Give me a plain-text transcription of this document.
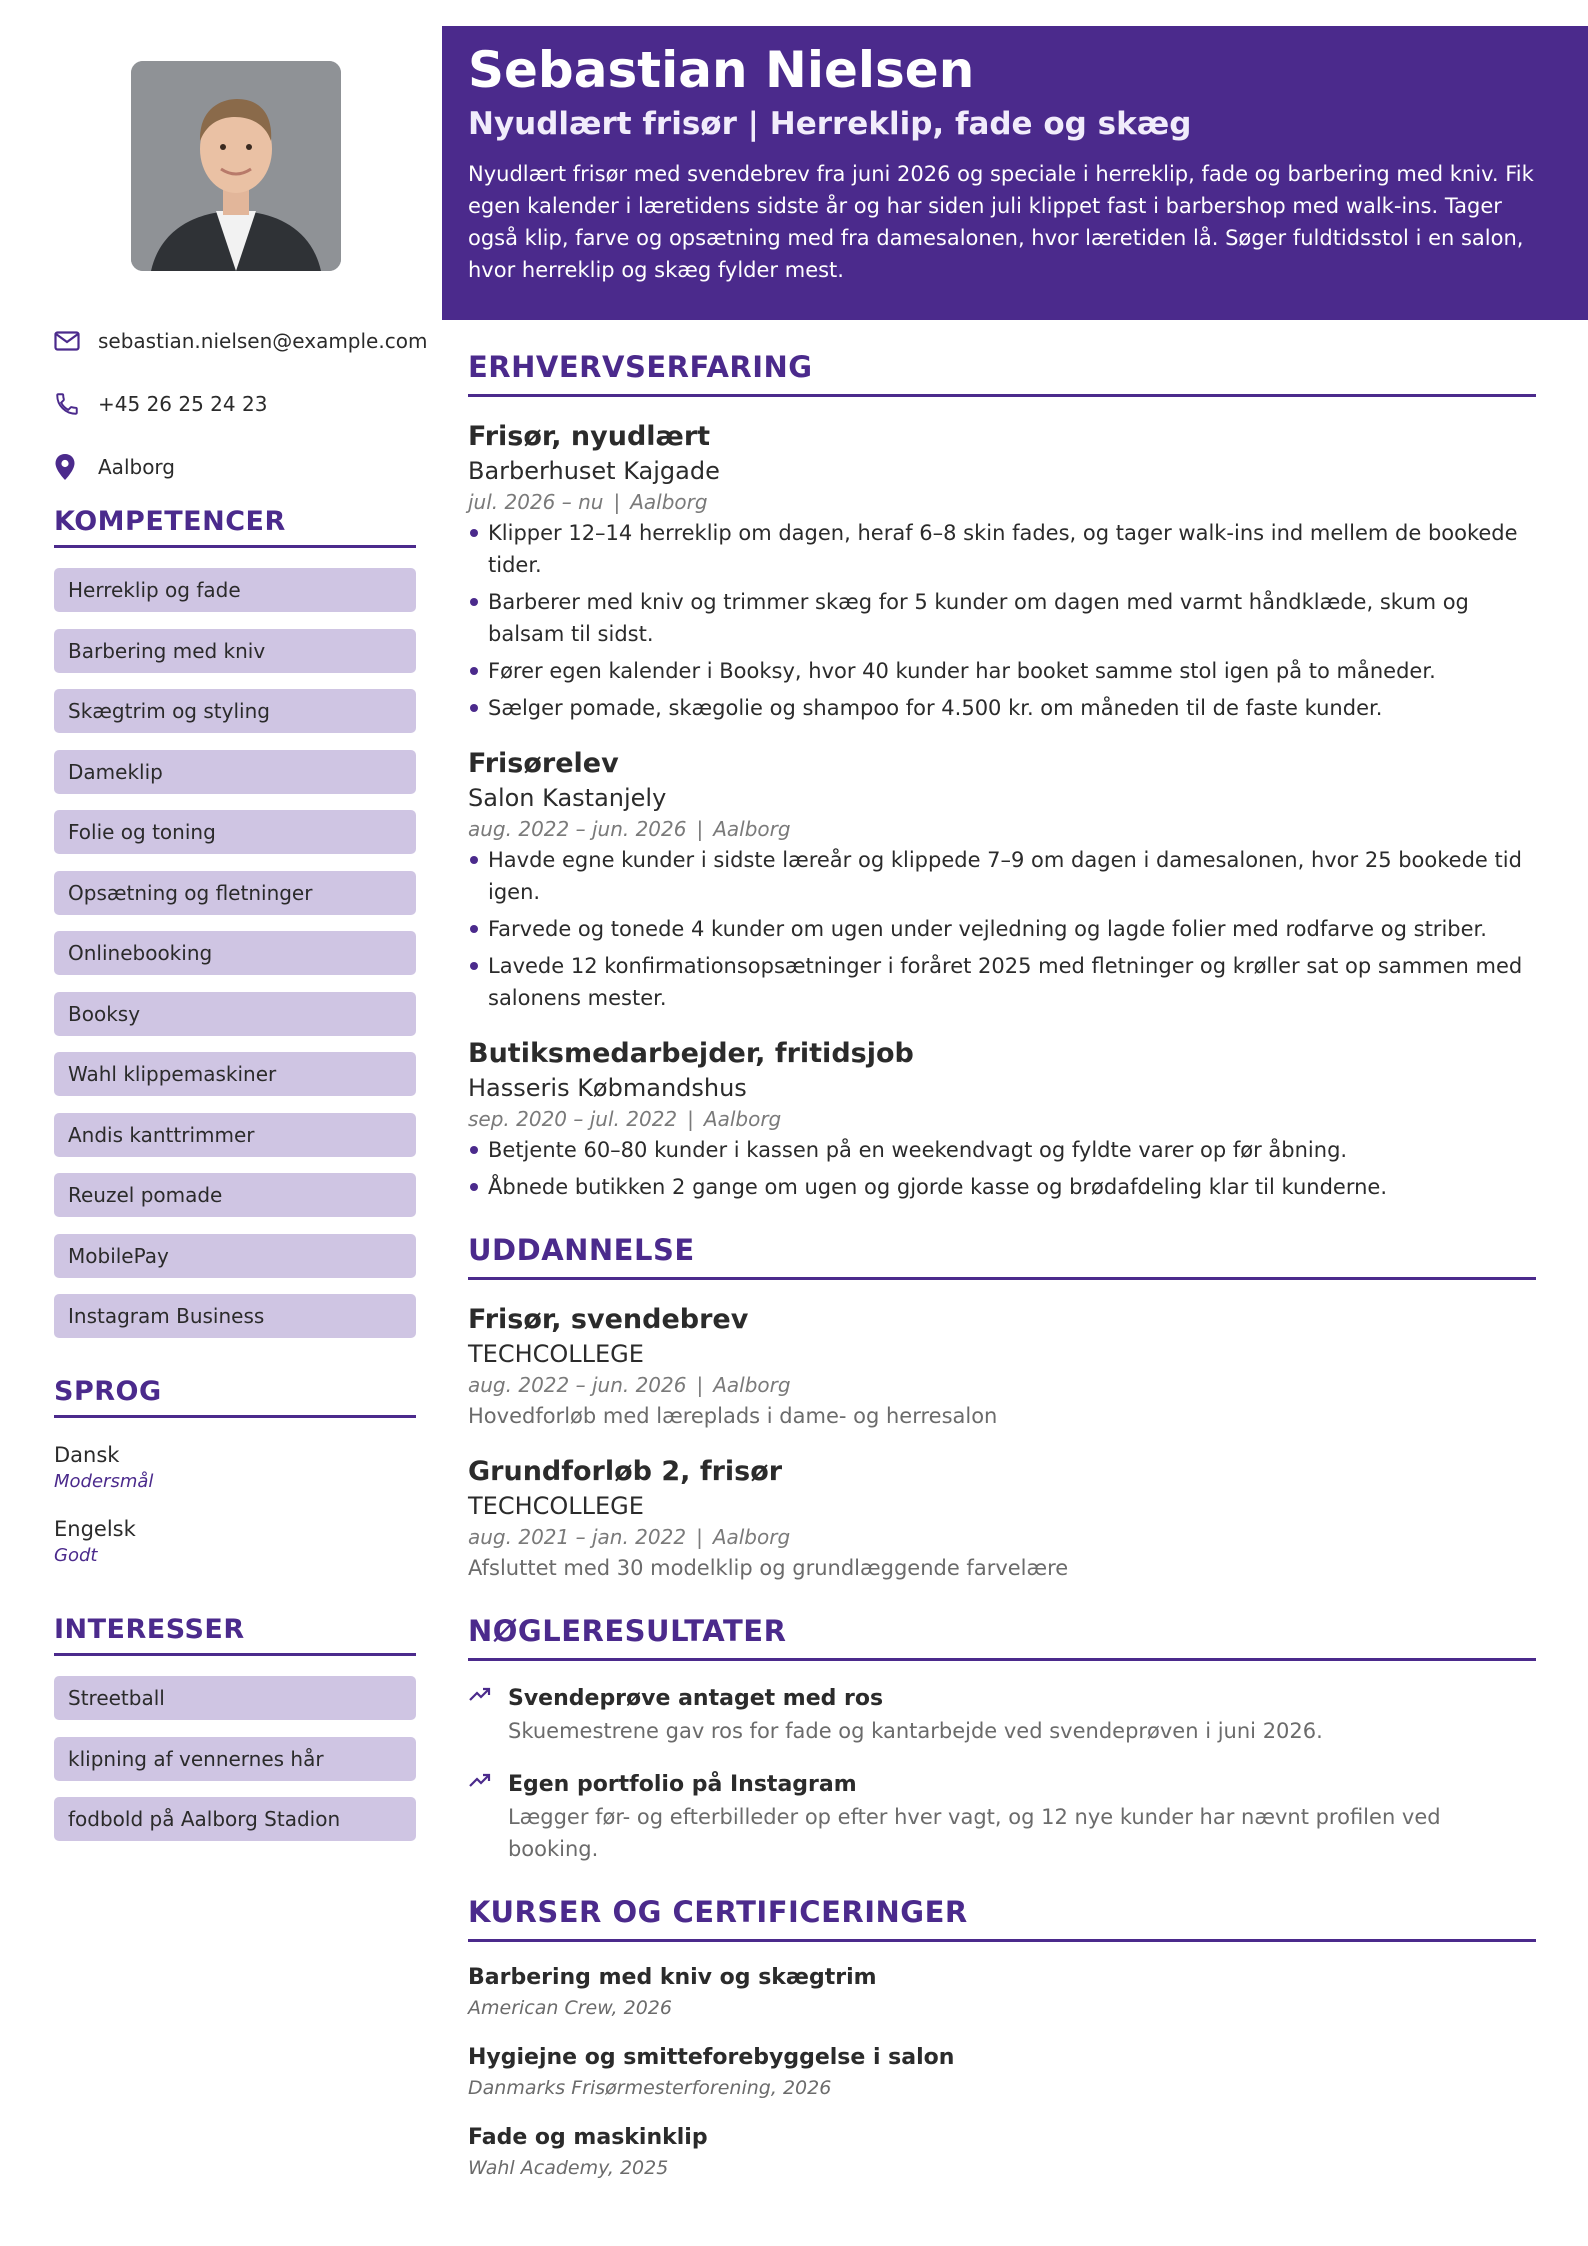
sebastian.nielsen@example.com
+45 26 25 24 23
Aalborg
KOMPETENCER
Herreklip og fade
Barbering med kniv
Skægtrim og styling
Dameklip
Folie og toning
Opsætning og fletninger
Onlinebooking
Booksy
Wahl klippemaskiner
Andis kanttrimmer
Reuzel pomade
MobilePay
Instagram Business
SPROG
Dansk
Modersmål
Engelsk
Godt
INTERESSER
Streetball
klipning af vennernes hår
fodbold på Aalborg Stadion
Sebastian Nielsen
Nyudlært frisør | Herreklip, fade og skæg
Nyudlært frisør med svendebrev fra juni 2026 og speciale i herreklip, fade og barbering med kniv. Fik egen kalender i læretidens sidste år og har siden juli klippet fast i barbershop med walk-ins. Tager også klip, farve og opsætning med fra damesalonen, hvor læretiden lå. Søger fuldtidsstol i en salon, hvor herreklip og skæg fylder mest.
ERHVERVSERFARING
Frisør, nyudlært
Barberhuset Kajgade
jul. 2026 – nu | Aalborg
Klipper 12–14 herreklip om dagen, heraf 6–8 skin fades, og tager walk-ins ind mellem de bookede tider.
Barberer med kniv og trimmer skæg for 5 kunder om dagen med varmt håndklæde, skum og balsam til sidst.
Fører egen kalender i Booksy, hvor 40 kunder har booket samme stol igen på to måneder.
Sælger pomade, skægolie og shampoo for 4.500 kr. om måneden til de faste kunder.
Frisørelev
Salon Kastanjely
aug. 2022 – jun. 2026 | Aalborg
Havde egne kunder i sidste læreår og klippede 7–9 om dagen i damesalonen, hvor 25 bookede tid igen.
Farvede og tonede 4 kunder om ugen under vejledning og lagde folier med rodfarve og striber.
Lavede 12 konfirmationsopsætninger i foråret 2025 med fletninger og krøller sat op sammen med salonens mester.
Butiksmedarbejder, fritidsjob
Hasseris Købmandshus
sep. 2020 – jul. 2022 | Aalborg
Betjente 60–80 kunder i kassen på en weekendvagt og fyldte varer op før åbning.
Åbnede butikken 2 gange om ugen og gjorde kasse og brødafdeling klar til kunderne.
UDDANNELSE
Frisør, svendebrev
TECHCOLLEGE
aug. 2022 – jun. 2026 | Aalborg
Hovedforløb med læreplads i dame- og herresalon
Grundforløb 2, frisør
TECHCOLLEGE
aug. 2021 – jan. 2022 | Aalborg
Afsluttet med 30 modelklip og grundlæggende farvelære
NØGLERESULTATER
Svendeprøve antaget med ros
Skuemestrene gav ros for fade og kantarbejde ved svendeprøven i juni 2026.
Egen portfolio på Instagram
Lægger før- og efterbilleder op efter hver vagt, og 12 nye kunder har nævnt profilen ved booking.
KURSER OG CERTIFICERINGER
Barbering med kniv og skægtrim
American Crew, 2026
Hygiejne og smitteforebyggelse i salon
Danmarks Frisørmesterforening, 2026
Fade og maskinklip
Wahl Academy, 2025
